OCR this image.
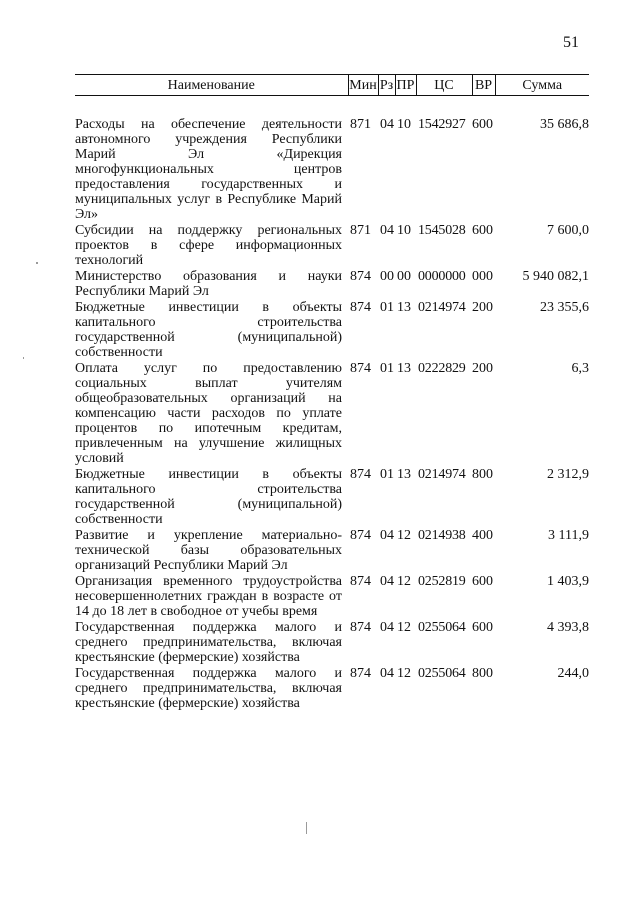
51
Наименование	Мин	Рз	ПР	ЦС	ВР	Сумма
Расходы на обеспечение деятельности автономного учреждения Республики Марий Эл «Дирекция многофункциональных центров предоставления государственных и муниципальных услуг в Республике Марий Эл»	871	04	10	1542927	600	35 686,8
Субсидии на поддержку региональных проектов в сфере информационных технологий	871	04	10	1545028	600	7 600,0
Министерство образования и науки Республики Марий Эл	874	00	00	0000000	000	5 940 082,1
Бюджетные инвестиции в объекты капитального строительства государственной (муниципальной) собственности	874	01	13	0214974	200	23 355,6
Оплата услуг по предоставлению социальных выплат учителям общеобразовательных организаций на компенсацию части расходов по уплате процентов по ипотечным кредитам, привлеченным на улучшение жилищных условий	874	01	13	0222829	200	6,3
Бюджетные инвестиции в объекты капитального строительства государственной (муниципальной) собственности	874	01	13	0214974	800	2 312,9
Развитие и укрепление материально-технической базы образовательных организаций Республики Марий Эл	874	04	12	0214938	400	3 111,9
Организация временного трудоустройства несовершеннолетних граждан в возрасте от 14 до 18 лет в свободное от учебы время	874	04	12	0252819	600	1 403,9
Государственная поддержка малого и среднего предпринимательства, включая крестьянские (фермерские) хозяйства	874	04	12	0255064	600	4 393,8
Государственная поддержка малого и среднего предпринимательства, включая крестьянские (фермерские) хозяйства	874	04	12	0255064	800	244,0
